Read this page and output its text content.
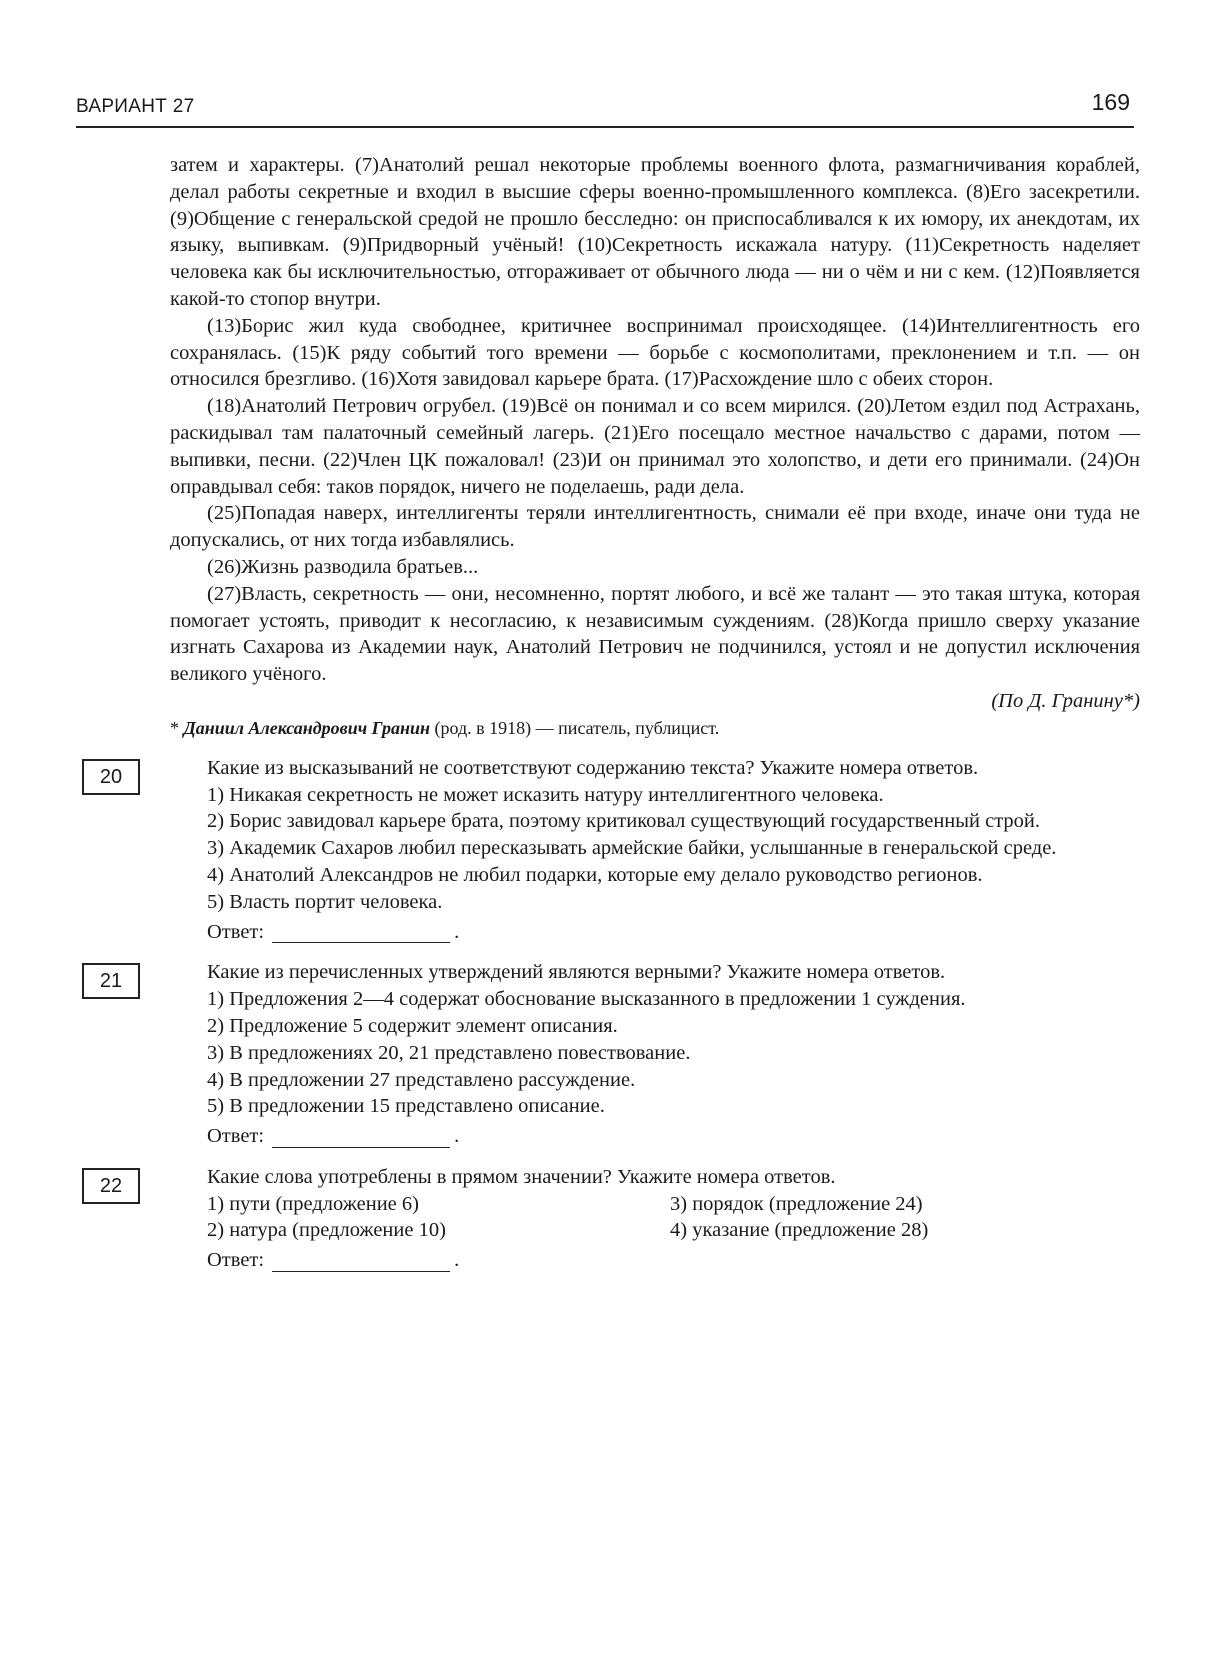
ВАРИАНТ 27	169

затем и характеры. (7)Анатолий решал некоторые проблемы военного флота, размагничивания кораблей, делал работы секретные и входил в высшие сферы военно-промышленного комплекса. (8)Его засекретили. (9)Общение с генеральской средой не прошло бесследно: он приспосабливался к их юмору, их анекдотам, их языку, выпивкам. (9)Придворный учёный! (10)Секретность искажала натуру. (11)Секретность наделяет человека как бы исключительностью, отгораживает от обычного люда — ни о чём и ни с кем. (12)Появляется какой-то стопор внутри.

(13)Борис жил куда свободнее, критичнее воспринимал происходящее. (14)Интеллигентность его сохранялась. (15)К ряду событий того времени — борьбе с космополитами, преклонением и т.п. — он относился брезгливо. (16)Хотя завидовал карьере брата. (17)Расхождение шло с обеих сторон.

(18)Анатолий Петрович огрубел. (19)Всё он понимал и со всем мирился. (20)Летом ездил под Астрахань, раскидывал там палаточный семейный лагерь. (21)Его посещало местное начальство с дарами, потом — выпивки, песни. (22)Член ЦК пожаловал! (23)И он принимал это холопство, и дети его принимали. (24)Он оправдывал себя: таков порядок, ничего не поделаешь, ради дела.

(25)Попадая наверх, интеллигенты теряли интеллигентность, снимали её при входе, иначе они туда не допускались, от них тогда избавлялись.

(26)Жизнь разводила братьев...

(27)Власть, секретность — они, несомненно, портят любого, и всё же талант — это такая штука, которая помогает устоять, приводит к несогласию, к независимым суждениям. (28)Когда пришло сверху указание изгнать Сахарова из Академии наук, Анатолий Петрович не подчинился, устоял и не допустил исключения великого учёного.

(По Д. Гранину*)

* Даниил Александрович Гранин (род. в 1918) — писатель, публицист.

20	Какие из высказываний не соответствуют содержанию текста? Укажите номера ответов.

1) Никакая секретность не может исказить натуру интеллигентного человека.

2) Борис завидовал карьере брата, поэтому критиковал существующий государственный строй.

3) Академик Сахаров любил пересказывать армейские байки, услышанные в генеральской среде.

4) Анатолий Александров не любил подарки, которые ему делало руководство регионов.

5) Власть портит человека.

Ответ:	.

21	Какие из перечисленных утверждений являются верными? Укажите номера ответов.

1) Предложения 2—4 содержат обоснование высказанного в предложении 1 суждения.

2) Предложение 5 содержит элемент описания.

3) В предложениях 20, 21 представлено повествование.

4) В предложении 27 представлено рассуждение.

5) В предложении 15 представлено описание.

Ответ:	.

22	Какие слова употреблены в прямом значении? Укажите номера ответов.

1) пути (предложение 6)	3) порядок (предложение 24)
2) натура (предложение 10)	4) указание (предложение 28)

Ответ:	.
